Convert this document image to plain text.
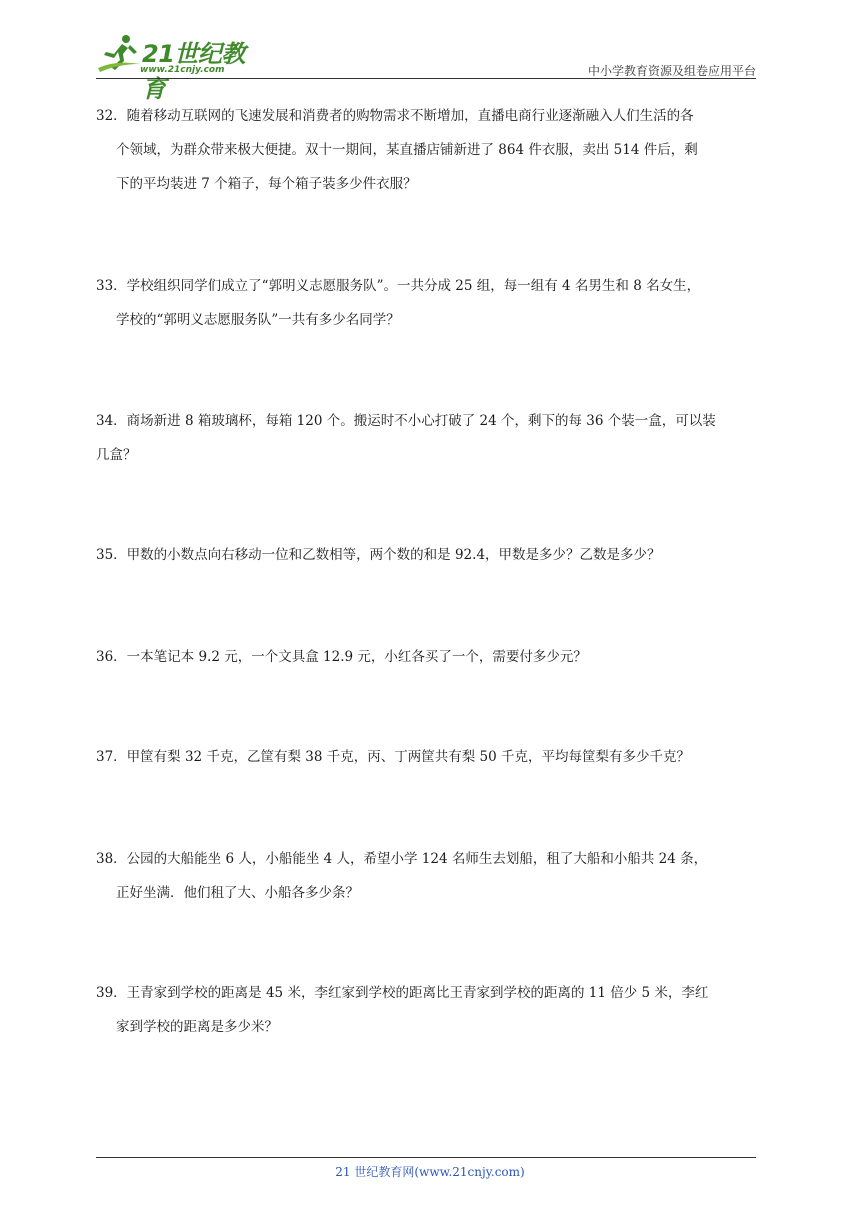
21世纪教育
www.21cnjy.com	中小学教育资源及组卷应用平台
32．随着移动互联网的飞速发展和消费者的购物需求不断增加，直播电商行业逐渐融入人们生活的各
个领域，为群众带来极大便捷。双十一期间，某直播店铺新进了 864 件衣服，卖出 514 件后，剩
下的平均装进 7 个箱子，每个箱子装多少件衣服？
33．学校组织同学们成立了“郭明义志愿服务队”。一共分成 25 组，每一组有 4 名男生和 8 名女生，
学校的“郭明义志愿服务队”一共有多少名同学？
34．商场新进 8 箱玻璃杯，每箱 120 个。搬运时不小心打破了 24 个，剩下的每 36 个装一盒，可以装
几盒？
35．甲数的小数点向右移动一位和乙数相等，两个数的和是 92.4，甲数是多少？乙数是多少？
36．一本笔记本 9.2 元，一个文具盒 12.9 元，小红各买了一个，需要付多少元？
37．甲筐有梨 32 千克，乙筐有梨 38 千克，丙、丁两筐共有梨 50 千克，平均每筐梨有多少千克？
38．公园的大船能坐 6 人，小船能坐 4 人，希望小学 124 名师生去划船，租了大船和小船共 24 条，
正好坐满．他们租了大、小船各多少条？
39．王青家到学校的距离是 45 米，李红家到学校的距离比王青家到学校的距离的 11 倍少 5 米，李红
家到学校的距离是多少米？
21 世纪教育网(www.21cnjy.com)
